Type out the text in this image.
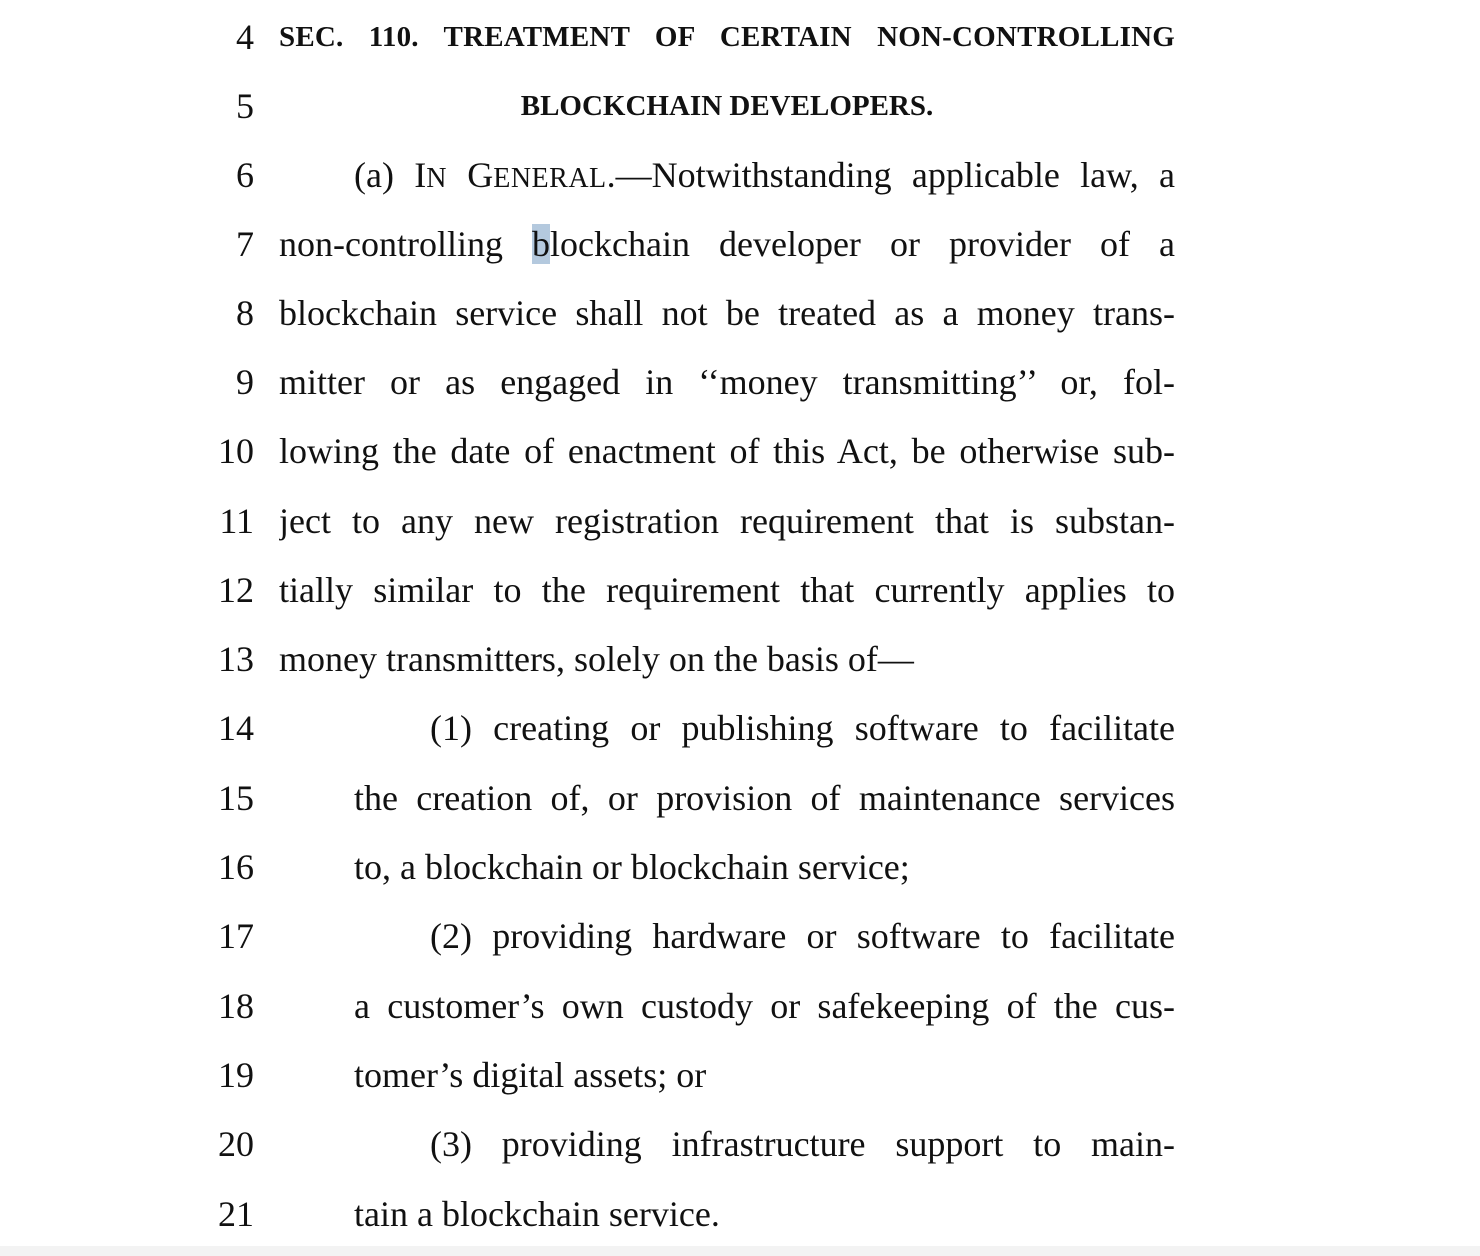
4 SEC. 110. TREATMENT OF CERTAIN NON-CONTROLLING
5	BLOCKCHAIN DEVELOPERS.
6	(a) IN GENERAL.—Notwithstanding applicable law, a
7 non-controlling blockchain developer or provider of a
8 blockchain service shall not be treated as a money trans-
9 mitter or as engaged in ‘‘money transmitting’’ or, fol-
10 lowing the date of enactment of this Act, be otherwise sub-
11 ject to any new registration requirement that is substan-
12 tially similar to the requirement that currently applies to
13 money transmitters, solely on the basis of—
14	(1) creating or publishing software to facilitate
15	the creation of, or provision of maintenance services
16	to, a blockchain or blockchain service;
17	(2) providing hardware or software to facilitate
18	a customer’s own custody or safekeeping of the cus-
19	tomer’s digital assets; or
20	(3) providing infrastructure support to main-
21	tain a blockchain service.
